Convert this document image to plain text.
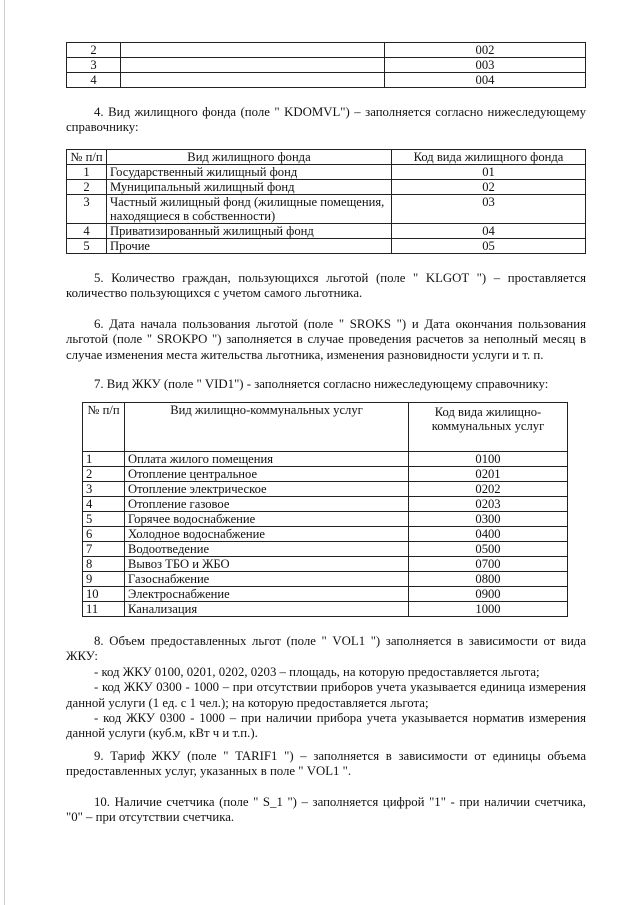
2		002
3		003
4		004

4. Вид жилищного фонда (поле " KDOMVL") – заполняется согласно нижеследующему справочнику:

№ п/п	Вид жилищного фонда	Код вида жилищного фонда
1	Государственный жилищный фонд	01
2	Муниципальный жилищный фонд	02
3	Частный жилищный фонд (жилищные помещения, находящиеся в собственности)	03
4	Приватизированный жилищный фонд	04
5	Прочие	05

5. Количество граждан, пользующихся льготой (поле " KLGOT ") – проставляется количество пользующихся с учетом самого льготника.

6. Дата начала пользования льготой (поле " SROKS ") и Дата окончания пользования льготой (поле " SROKPO ") заполняется в случае проведения расчетов за неполный месяц в случае изменения места жительства льготника, изменения разновидности услуги и т. п.

7. Вид ЖКУ (поле " VID1") - заполняется согласно нижеследующему справочнику:

№ п/п	Вид жилищно-коммунальных услуг	Код вида жилищно-коммунальных услуг
1	Оплата жилого помещения	0100
2	Отопление центральное	0201
3	Отопление электрическое	0202
4	Отопление газовое	0203
5	Горячее водоснабжение	0300
6	Холодное водоснабжение	0400
7	Водоотведение	0500
8	Вывоз ТБО и ЖБО	0700
9	Газоснабжение	0800
10	Электроснабжение	0900
11	Канализация	1000
8. Объем предоставленных льгот (поле " VOL1 ") заполняется в зависимости от вида ЖКУ:
- код ЖКУ 0100, 0201, 0202, 0203 – площадь, на которую предоставляется льгота;
- код ЖКУ 0300 - 1000 – при отсутствии приборов учета указывается единица измерения данной услуги (1 ед. с 1 чел.); на которую предоставляется льгота;
- код ЖКУ 0300 - 1000 – при наличии прибора учета указывается норматив измерения данной услуги (куб.м, кВт ч и т.п.).

9. Тариф ЖКУ (поле " TARIF1 ") – заполняется в зависимости от единицы объема предоставленных услуг, указанных в поле " VOL1 ".

10. Наличие счетчика (поле " S_1 ") – заполняется цифрой "1" - при наличии счетчика, "0" – при отсутствии счетчика.
